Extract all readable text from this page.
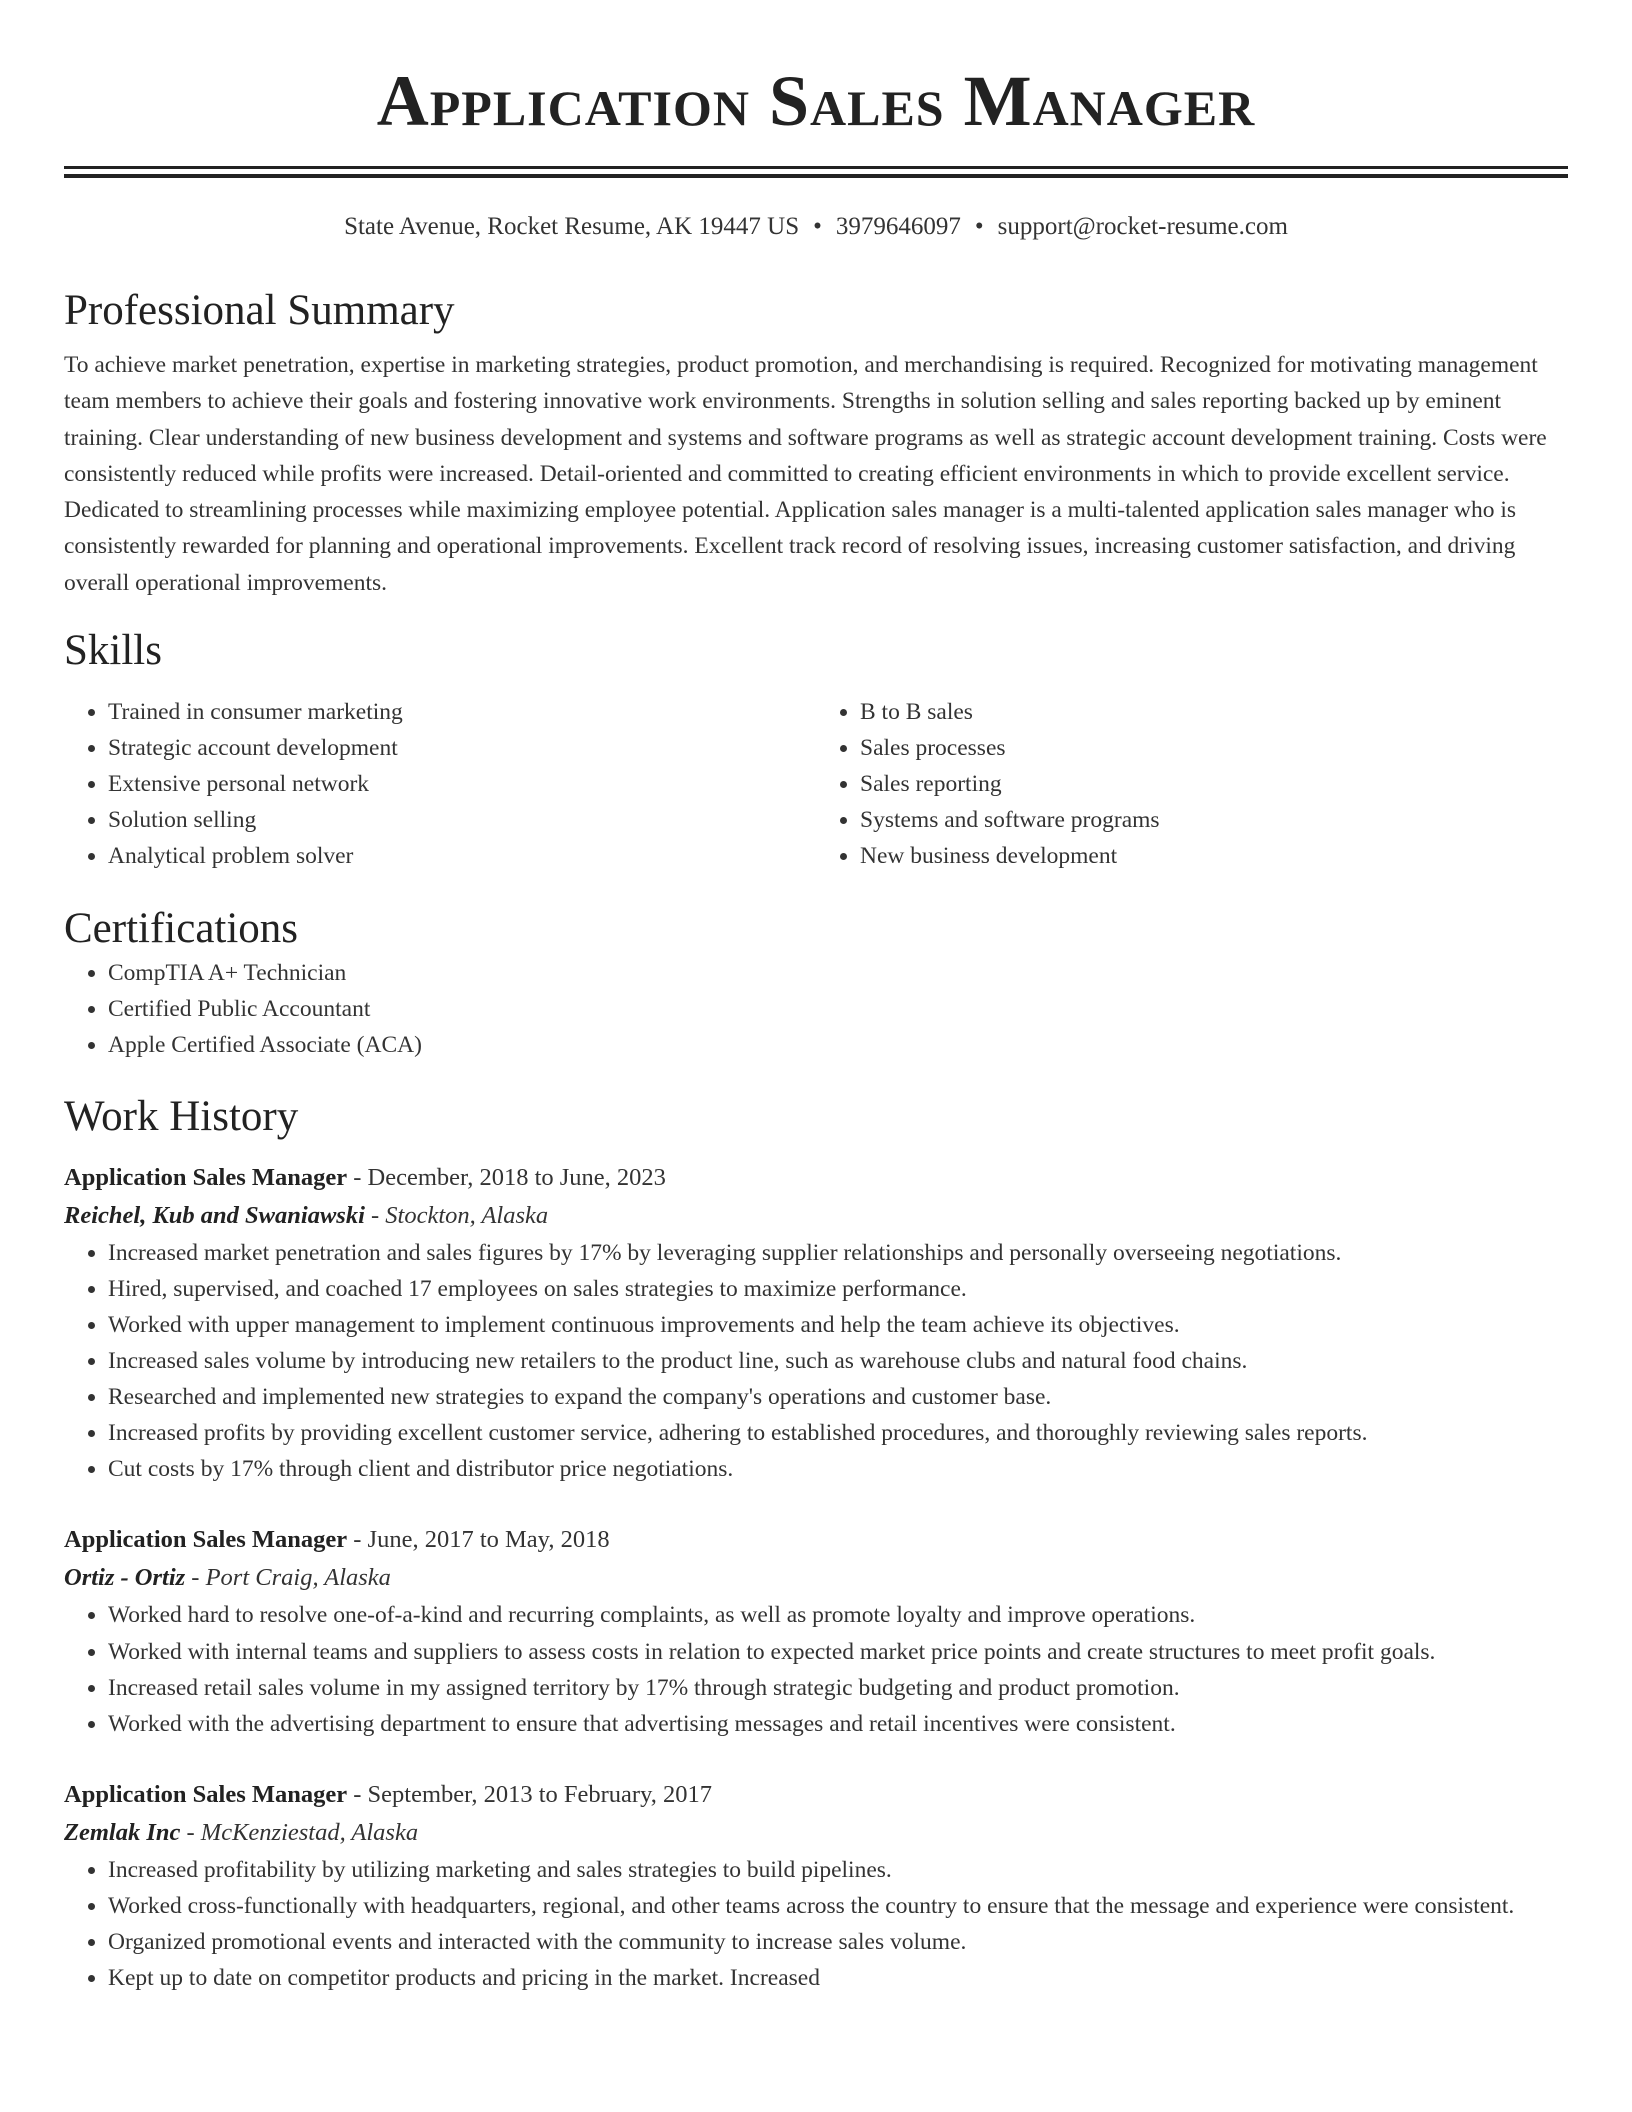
Application Sales Manager
State Avenue, Rocket Resume, AK 19447 US • 3979646097 • support@rocket-resume.com
Professional Summary

To achieve market penetration, expertise in marketing strategies, product promotion, and merchandising is required. Recognized for motivating management team members to achieve their goals and fostering innovative work environments. Strengths in solution selling and sales reporting backed up by eminent training. Clear understanding of new business development and systems and software programs as well as strategic account development training. Costs were consistently reduced while profits were increased. Detail-oriented and committed to creating efficient environments in which to provide excellent service. Dedicated to streamlining processes while maximizing employee potential. Application sales manager is a multi-talented application sales manager who is consistently rewarded for planning and operational improvements. Excellent track record of resolving issues, increasing customer satisfaction, and driving overall operational improvements.

Skills
• Trained in consumer marketing
• Strategic account development
• Extensive personal network
• Solution selling
• Analytical problem solver
• B to B sales
• Sales processes
• Sales reporting
• Systems and software programs
• New business development
Certifications
• CompTIA A+ Technician
• Certified Public Accountant
• Apple Certified Associate (ACA)
Work History
Application Sales Manager - December, 2018 to June, 2023
Reichel, Kub and Swaniawski - Stockton, Alaska
• Increased market penetration and sales figures by 17% by leveraging supplier relationships and personally overseeing negotiations.
• Hired, supervised, and coached 17 employees on sales strategies to maximize performance.
• Worked with upper management to implement continuous improvements and help the team achieve its objectives.
• Increased sales volume by introducing new retailers to the product line, such as warehouse clubs and natural food chains.
• Researched and implemented new strategies to expand the company's operations and customer base.
• Increased profits by providing excellent customer service, adhering to established procedures, and thoroughly reviewing sales reports.
• Cut costs by 17% through client and distributor price negotiations.
Application Sales Manager - June, 2017 to May, 2018
Ortiz - Ortiz - Port Craig, Alaska
• Worked hard to resolve one-of-a-kind and recurring complaints, as well as promote loyalty and improve operations.
• Worked with internal teams and suppliers to assess costs in relation to expected market price points and create structures to meet profit goals.
• Increased retail sales volume in my assigned territory by 17% through strategic budgeting and product promotion.
• Worked with the advertising department to ensure that advertising messages and retail incentives were consistent.
Application Sales Manager - September, 2013 to February, 2017
Zemlak Inc - McKenziestad, Alaska
• Increased profitability by utilizing marketing and sales strategies to build pipelines.
• Worked cross-functionally with headquarters, regional, and other teams across the country to ensure that the message and experience were consistent.
• Organized promotional events and interacted with the community to increase sales volume.
• Kept up to date on competitor products and pricing in the market. Increased
